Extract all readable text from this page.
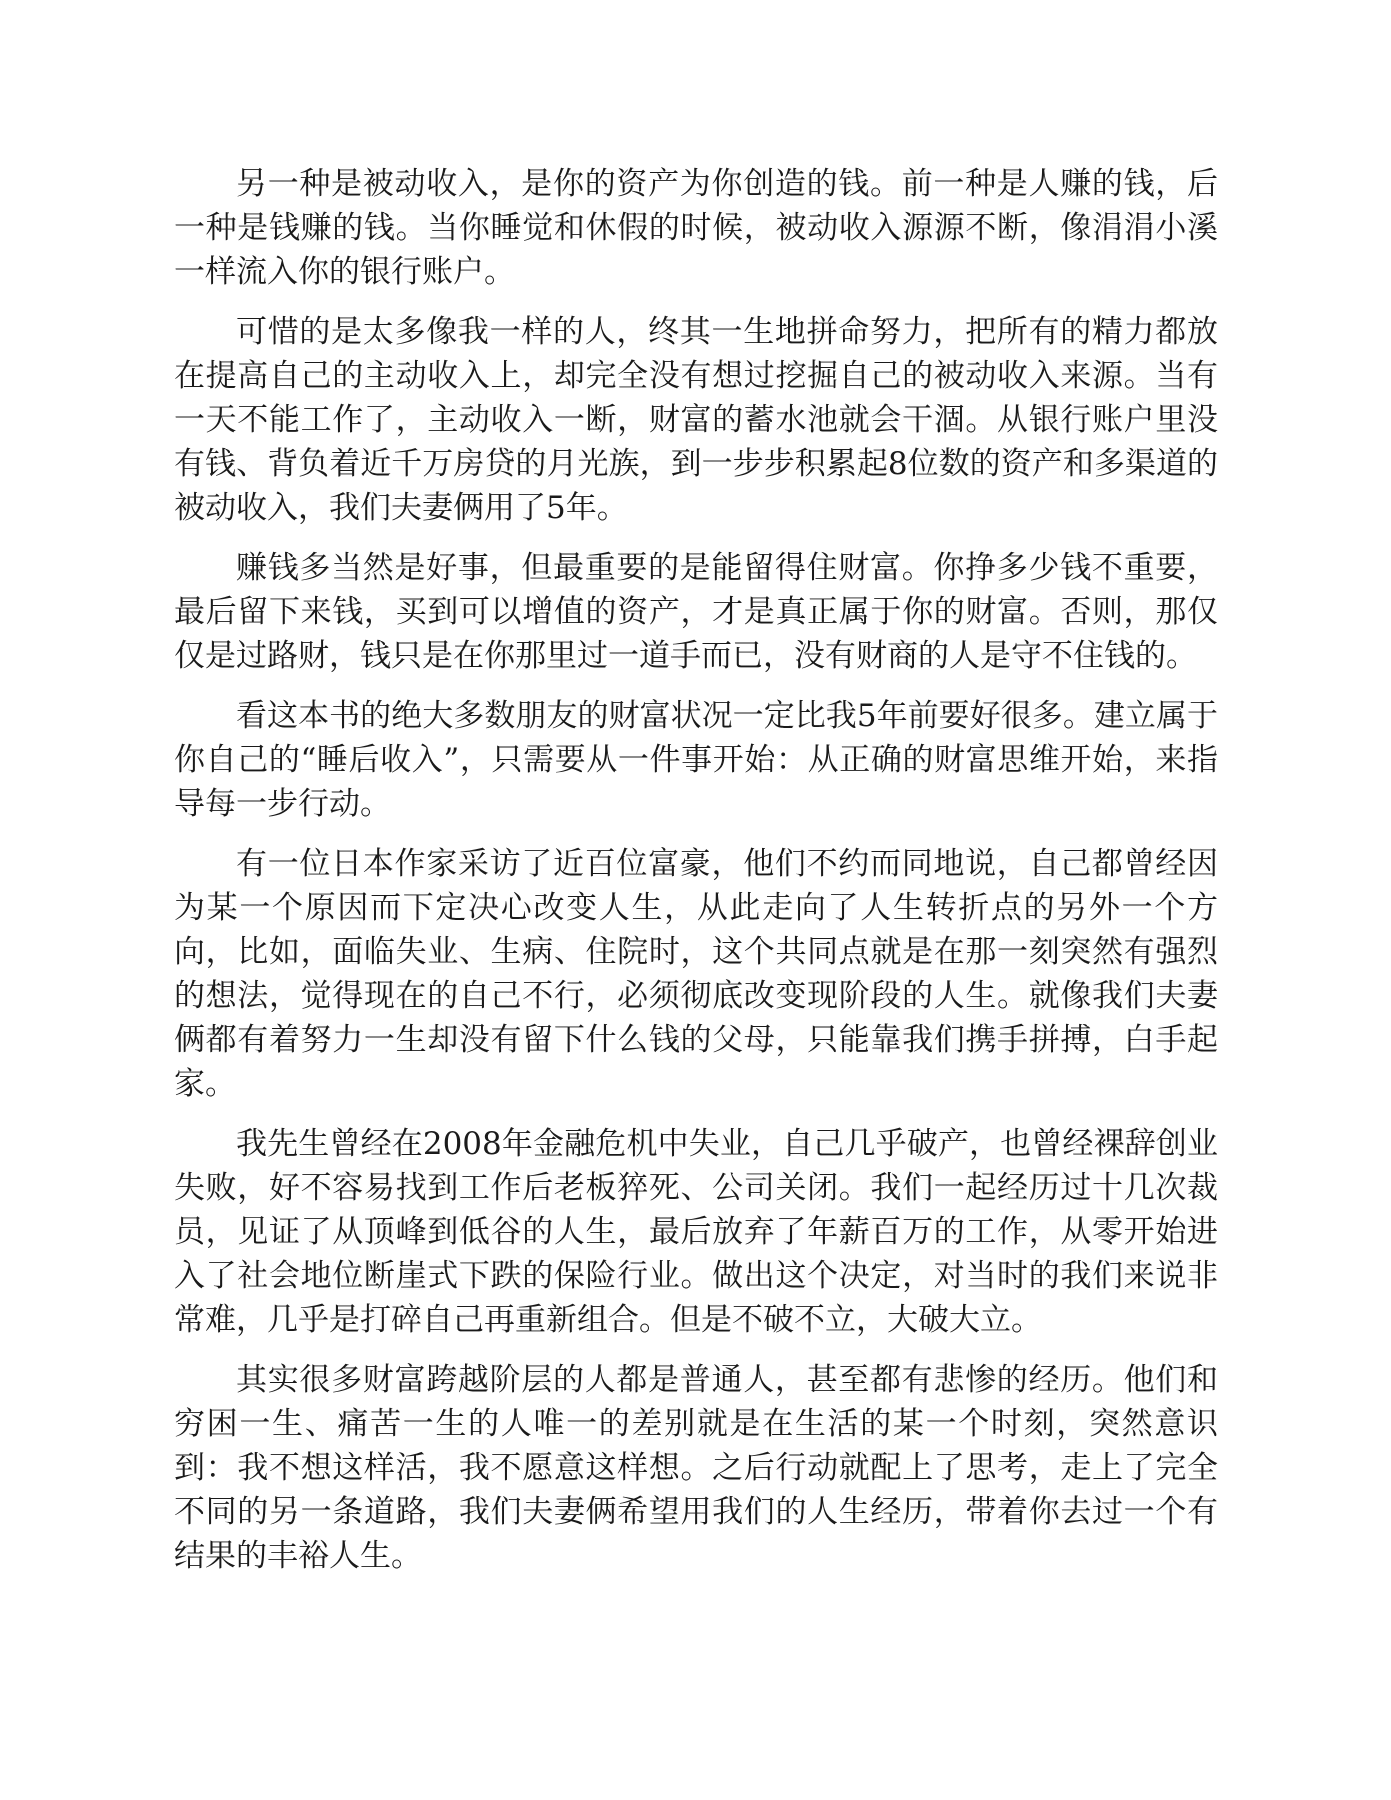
另一种是被动收入，是你的资产为你创造的钱。前一种是人赚的钱，后一种是钱赚的钱。当你睡觉和休假的时候，被动收入源源不断，像涓涓小溪一样流入你的银行账户。

可惜的是太多像我一样的人，终其一生地拼命努力，把所有的精力都放在提高自己的主动收入上，却完全没有想过挖掘自己的被动收入来源。当有一天不能工作了，主动收入一断，财富的蓄水池就会干涸。从银行账户里没有钱、背负着近千万房贷的月光族，到一步步积累起8位数的资产和多渠道的被动收入，我们夫妻俩用了5年。

赚钱多当然是好事，但最重要的是能留得住财富。你挣多少钱不重要，最后留下来钱，买到可以增值的资产，才是真正属于你的财富。否则，那仅仅是过路财，钱只是在你那里过一道手而已，没有财商的人是守不住钱的。

看这本书的绝大多数朋友的财富状况一定比我5年前要好很多。建立属于你自己的“睡后收入”，只需要从一件事开始：从正确的财富思维开始，来指导每一步行动。

有一位日本作家采访了近百位富豪，他们不约而同地说，自己都曾经因为某一个原因而下定决心改变人生，从此走向了人生转折点的另外一个方向，比如，面临失业、生病、住院时，这个共同点就是在那一刻突然有强烈的想法，觉得现在的自己不行，必须彻底改变现阶段的人生。就像我们夫妻俩都有着努力一生却没有留下什么钱的父母，只能靠我们携手拼搏，白手起家。

我先生曾经在2008年金融危机中失业，自己几乎破产，也曾经裸辞创业失败，好不容易找到工作后老板猝死、公司关闭。我们一起经历过十几次裁员，见证了从顶峰到低谷的人生，最后放弃了年薪百万的工作，从零开始进入了社会地位断崖式下跌的保险行业。做出这个决定，对当时的我们来说非常难，几乎是打碎自己再重新组合。但是不破不立，大破大立。

其实很多财富跨越阶层的人都是普通人，甚至都有悲惨的经历。他们和穷困一生、痛苦一生的人唯一的差别就是在生活的某一个时刻，突然意识到：我不想这样活，我不愿意这样想。之后行动就配上了思考，走上了完全不同的另一条道路，我们夫妻俩希望用我们的人生经历，带着你去过一个有结果的丰裕人生。
